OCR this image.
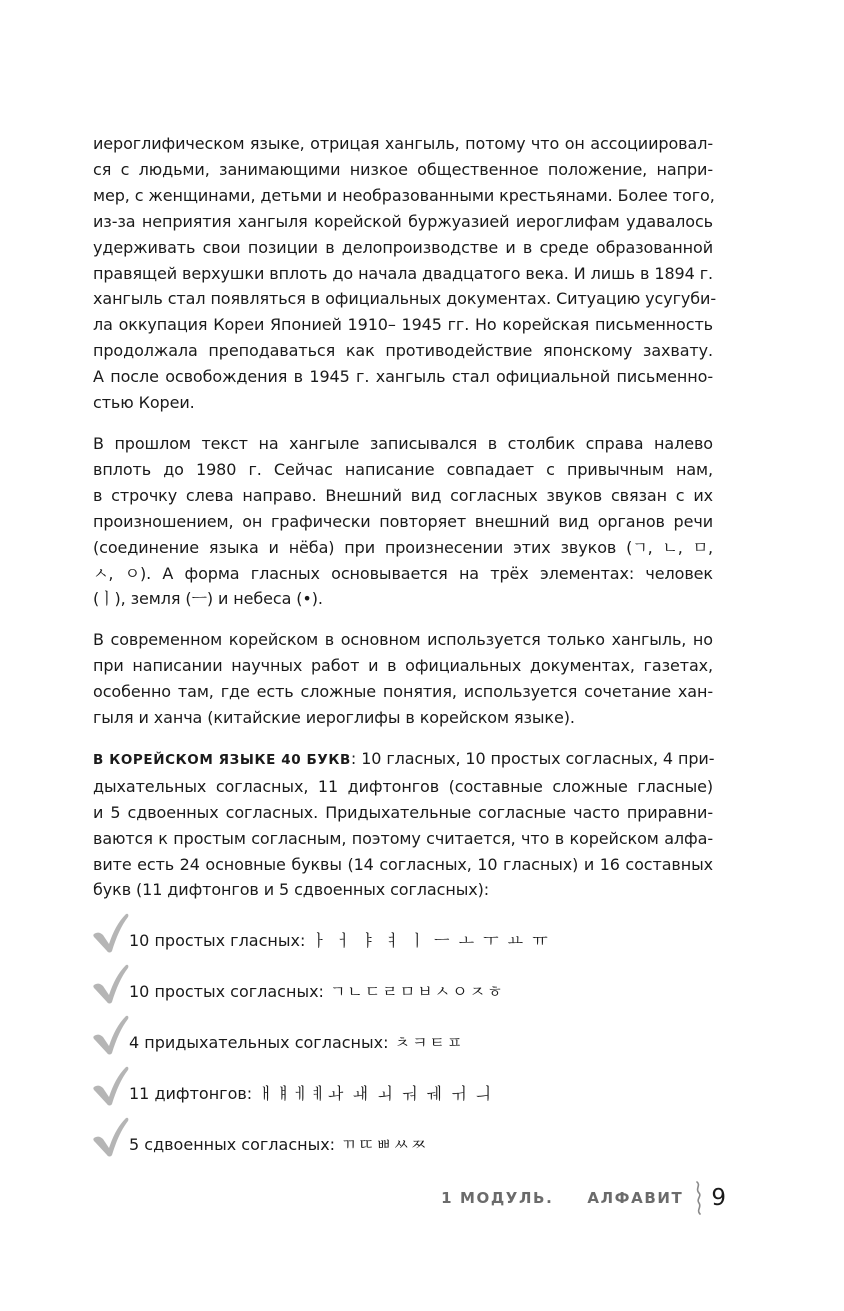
иероглифическом языке, отрицая хангыль, потому что он ассоциировал-
ся с людьми, занимающими низкое общественное положение, напри-
мер, с женщинами, детьми и необразованными крестьянами. Более того,
из-за неприятия хангыля корейской буржуазией иероглифам удавалось
удерживать свои позиции в делопроизводстве и в среде образованной
правящей верхушки вплоть до начала двадцатого века. И лишь в 1894 г.
хангыль стал появляться в официальных документах. Ситуацию усугуби-
ла оккупация Кореи Японией 1910– 1945 гг. Но корейская письменность
продолжала преподаваться как противодействие японскому захвату.
А после освобождения в 1945 г. хангыль стал официальной письменно-
стью Кореи.
В прошлом текст на хангыле записывался в столбик справа налево
вплоть до 1980 г. Сейчас написание совпадает с привычным нам,
в строчку слева направо. Внешний вид согласных звуков связан с их
произношением, он графически повторяет внешний вид органов речи
(соединение языка и нёба) при произнесении этих звуков (ㄱ, ㄴ, ㅁ,
ㅅ, ㅇ). А форма гласных основывается на трёх элементах: человек
(ㅣ), земля (ㅡ) и небеса (•).
В современном корейском в основном используется только хангыль, но
при написании научных работ и в официальных документах, газетах,
особенно там, где есть сложные понятия, используется сочетание хан-
гыля и ханча (китайские иероглифы в корейском языке).
В КОРЕЙСКОМ ЯЗЫКЕ 40 БУКВ: 10 гласных, 10 простых согласных, 4 при-
дыхательных согласных, 11 дифтонгов (составные сложные гласные)
и 5 сдвоенных согласных. Придыхательные согласные часто приравни-
ваются к простым согласным, поэтому считается, что в корейском алфа-
вите есть 24 основные буквы (14 согласных, 10 гласных) и 16 составных
букв (11 дифтонгов и 5 сдвоенных согласных):
10 простых гласных: ㅏ ㅓ ㅑ ㅕ ㅣ ㅡ ㅗ ㅜ ㅛ ㅠ
10 простых согласных: ㄱㄴㄷㄹㅁㅂㅅㅇㅈㅎ
4 придыхательных согласных: ㅊㅋㅌㅍ
11 дифтонгов: ㅐㅒㅔㅖㅘ ㅙ ㅚ ㅝ ㅞ ㅟ ㅢ
5 сдвоенных согласных: ㄲㄸㅃㅆㅉ
1 МОДУЛЬ. АЛФАВИТ 9
